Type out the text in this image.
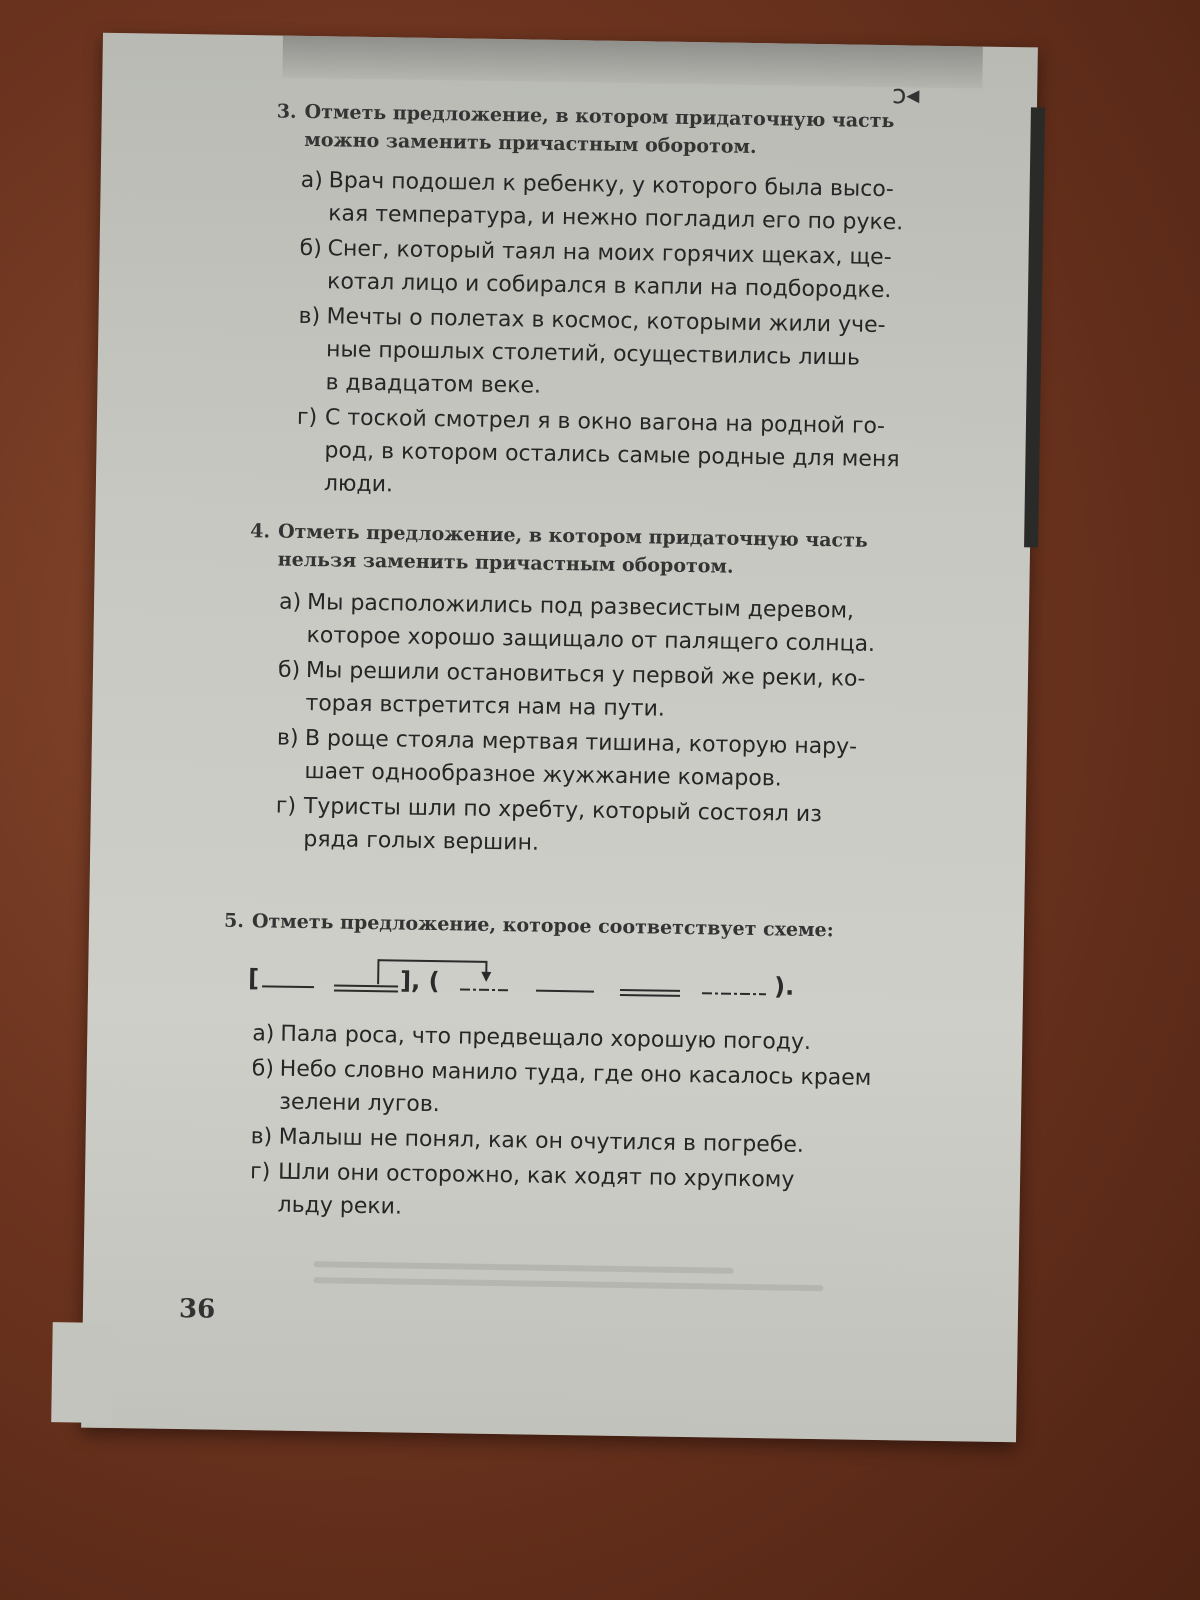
ↄ◂
3. Отметь предложение, в котором придаточную часть
можно заменить причастным оборотом.
а) Врач подошел к ребенку, у которого была высо-
кая температура, и нежно погладил его по руке.
б) Снег, который таял на моих горячих щеках, ще-
котал лицо и собирался в капли на подбородке.
в) Мечты о полетах в космос, которыми жили уче-
ные прошлых столетий, осуществились лишь
в двадцатом веке.
г) С тоской смотрел я в окно вагона на родной го-
род, в котором остались самые родные для меня
люди.
4. Отметь предложение, в котором придаточную часть
нельзя заменить причастным оборотом.
а) Мы расположились под развесистым деревом,
которое хорошо защищало от палящего солнца.
б) Мы решили остановиться у первой же реки, ко-
торая встретится нам на пути.
в) В роще стояла мертвая тишина, которую нару-
шает однообразное жужжание комаров.
г) Туристы шли по хребту, который состоял из
ряда голых вершин.
5. Отметь предложение, которое соответствует схеме:
а) Пала роса, что предвещало хорошую погоду.
б) Небо словно манило туда, где оно касалось краем
зелени лугов.
в) Малыш не понял, как он очутился в погребе.
г) Шли они осторожно, как ходят по хрупкому
льду реки.
[	], (	).
36
